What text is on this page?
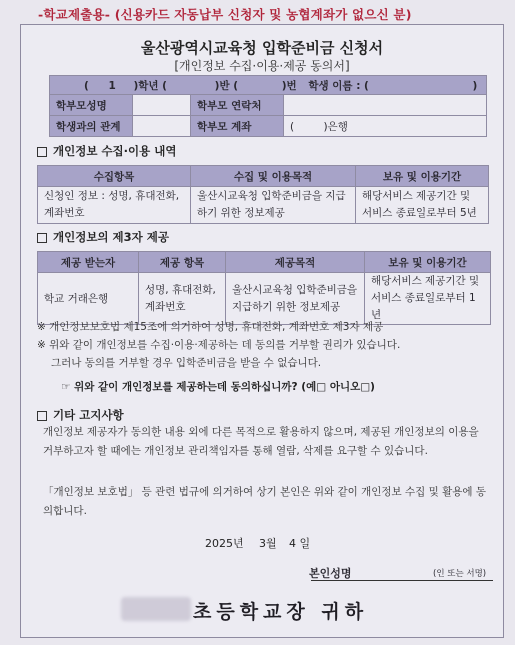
-학교제출용- (신용카드 자동납부 신청자 및 농협계좌가 없으신 분)
울산광역시교육청 입학준비금 신청서
[개인정보 수집·이용·제공 동의서]
( 1 )학년 ( )반 ( )번 학생 이름 : ( )			
학부모성명		학부모 연락처	
학생과의 관계		학부모 계좌	( )은행
개인정보 수집·이용 내역
수집항목	수집 및 이용목적	보유 및 이용기간
신청인 정보 : 성명, 휴대전화, 계좌번호	울산시교육청 입학준비금을 지급하기 위한 정보제공	해당서비스 제공기간 및 서비스 종료일로부터 5년
개인정보의 제3자 제공
제공 받는자	제공 항목	제공목적	보유 및 이용기간
학교 거래은행	성명, 휴대전화, 계좌번호	울산시교육청 입학준비금을 지급하기 위한 정보제공	해당서비스 제공기간 및 서비스 종료일로부터 1년
※ 개인정보보호법 제15조에 의거하여 성명, 휴대전화, 계좌번호 제3자 제공
※ 위와 같이 개인정보를 수집·이용·제공하는 데 동의를 거부할 권리가 있습니다.
그러나 동의를 거부할 경우 입학준비금을 받을 수 없습니다.
☞ 위와 같이 개인정보를 제공하는데 동의하십니까? (예□ 아니오□)
기타 고지사항
개인정보 제공자가 동의한 내용 외에 다른 목적으로 활용하지 않으며, 제공된 개인정보의 이용을 거부하고자 할 때에는 개인정보 관리책임자를 통해 열람, 삭제를 요구할 수 있습니다.
「개인정보 보호법」 등 관련 법규에 의거하여 상기 본인은 위와 같이 개인정보 수집 및 활용에 동의합니다.
2025년 3월 4 일
본인성명	(인 또는 서명)
초등학교장 귀하
